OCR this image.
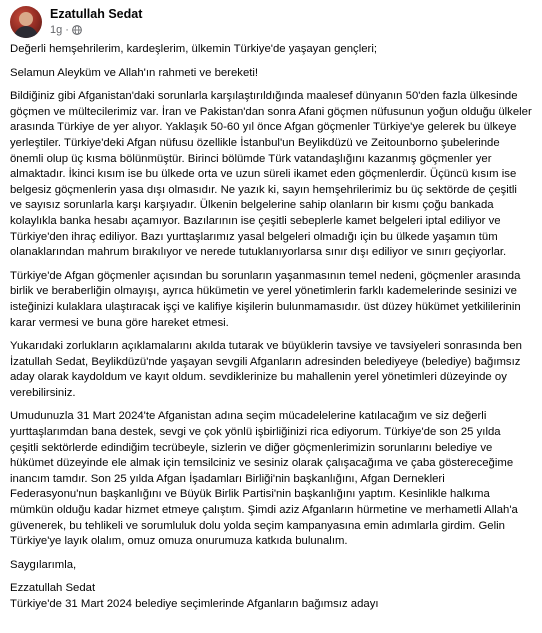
Ezatullah Sedat
1g ·

Değerli hemşehrilerim, kardeşlerim, ülkemin Türkiye'de yaşayan gençleri;

Selamun Aleyküm ve Allah'ın rahmeti ve bereketi!

Bildiğiniz gibi Afganistan'daki sorunlarla karşılaştırıldığında maalesef dünyanın 50'den fazla ülkesinde göçmen ve mültecilerimiz var. İran ve Pakistan'dan sonra Afani göçmen nüfusunun yoğun olduğu ülkeler arasında Türkiye de yer alıyor. Yaklaşık 50-60 yıl önce Afgan göçmenler Türkiye'ye gelerek bu ülkeye yerleştiler. Türkiye'deki Afgan nüfusu özellikle İstanbul'un Beylikdüzü ve Zeitounborno şubelerinde önemli olup üç kısma bölünmüştür. Birinci bölümde Türk vatandaşlığını kazanmış göçmenler yer almaktadır. İkinci kısım ise bu ülkede orta ve uzun süreli ikamet eden göçmenlerdir. Üçüncü kısım ise belgesiz göçmenlerin yasa dışı olmasıdır. Ne yazık ki, sayın hemşehrilerimiz bu üç sektörde de çeşitli ve sayısız sorunlarla karşı karşıyadır. Ülkenin belgelerine sahip olanların bir kısmı çoğu bankada kolaylıkla banka hesabı açamıyor. Bazılarının ise çeşitli sebeplerle kamet belgeleri iptal ediliyor ve Türkiye'den ihraç ediliyor. Bazı yurttaşlarımız yasal belgeleri olmadığı için bu ülkede yaşamın tüm olanaklarından mahrum bırakılıyor ve nerede tutuklanıyorlarsa sınır dışı ediliyor ve sınırı geçiyorlar.

Türkiye'de Afgan göçmenler açısından bu sorunların yaşanmasının temel nedeni, göçmenler arasında birlik ve beraberliğin olmayışı, ayrıca hükümetin ve yerel yönetimlerin farklı kademelerinde sesinizi ve isteğinizi kulaklara ulaştıracak işçi ve kalifiye kişilerin bulunmamasıdır. üst düzey hükümet yetkililerinin karar vermesi ve buna göre hareket etmesi.

Yukarıdaki zorlukların açıklamalarını akılda tutarak ve büyüklerin tavsiye ve tavsiyeleri sonrasında ben İzatullah Sedat, Beylikdüzü'nde yaşayan sevgili Afganların adresinden belediyeye (belediye) bağımsız aday olarak kaydoldum ve kayıt oldum. sevdiklerinize bu mahallenin yerel yönetimleri düzeyinde oy verebilirsiniz.

Umudunuzla 31 Mart 2024'te Afganistan adına seçim mücadelelerine katılacağım ve siz değerli yurttaşlarımdan bana destek, sevgi ve çok yönlü işbirliğinizi rica ediyorum. Türkiye'de son 25 yılda çeşitli sektörlerde edindiğim tecrübeyle, sizlerin ve diğer göçmenlerimizin sorunlarını belediye ve hükümet düzeyinde ele almak için temsilciniz ve sesiniz olarak çalışacağıma ve çaba göstereceğime inancım tamdır. Son 25 yılda Afgan İşadamları Birliği'nin başkanlığını, Afgan Dernekleri Federasyonu'nun başkanlığını ve Büyük Birlik Partisi'nin başkanlığını yaptım. Kesinlikle halkıma mümkün olduğu kadar hizmet etmeye çalıştım. Şimdi aziz Afganların hürmetine ve merhametli Allah'a güvenerek, bu tehlikeli ve sorumluluk dolu yolda seçim kampanyasına emin adımlarla girdim. Gelin Türkiye'ye layık olalım, omuz omuza onurumuza katkıda bulunalım.

Saygılarımla,

Ezzatullah Sedat

Türkiye'de 31 Mart 2024 belediye seçimlerinde Afganların bağımsız adayı
